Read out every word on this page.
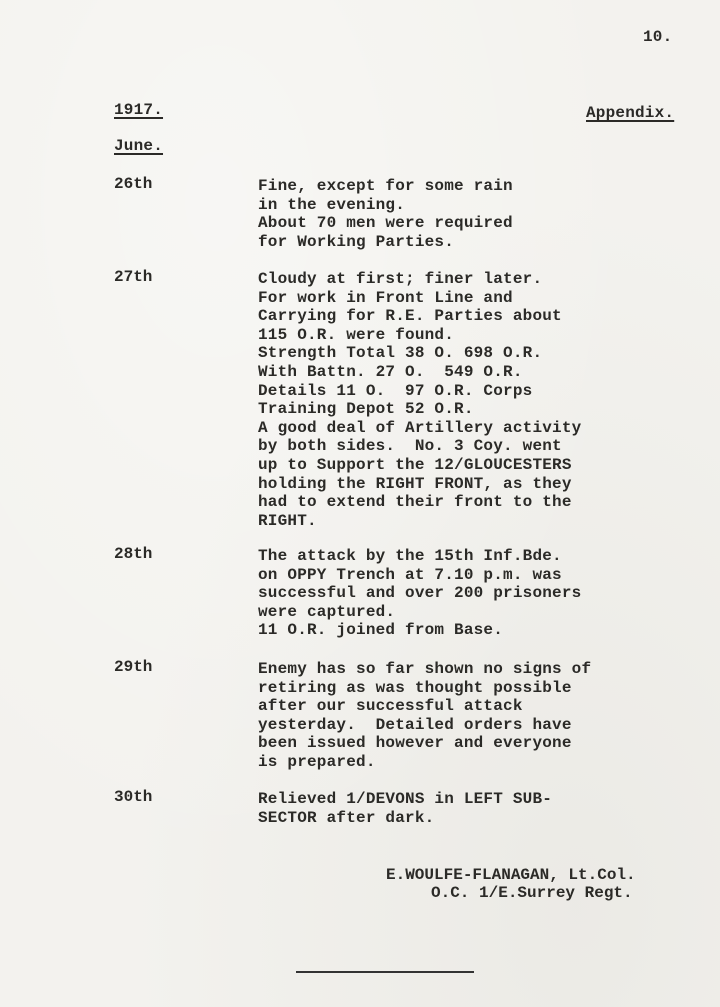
10.
1917.	Appendix.
June.
26th	Fine, except for some rain
in the evening.
About 70 men were required
for Working Parties.
27th	Cloudy at first; finer later.
For work in Front Line and
Carrying for R.E. Parties about
115 O.R. were found.
Strength Total 38 O. 698 O.R.
With Battn. 27 O.  549 O.R.
Details 11 O.  97 O.R. Corps
Training Depot 52 O.R.
A good deal of Artillery activity
by both sides.  No. 3 Coy. went
up to Support the 12/GLOUCESTERS
holding the RIGHT FRONT, as they
had to extend their front to the
RIGHT.
28th	The attack by the 15th Inf.Bde.
on OPPY Trench at 7.10 p.m. was
successful and over 200 prisoners
were captured.
11 O.R. joined from Base.
29th	Enemy has so far shown no signs of
retiring as was thought possible
after our successful attack
yesterday.  Detailed orders have
been issued however and everyone
is prepared.
30th	Relieved 1/DEVONS in LEFT SUB-
SECTOR after dark.
E.WOULFE-FLANAGAN, Lt.Col.
O.C. 1/E.Surrey Regt.
